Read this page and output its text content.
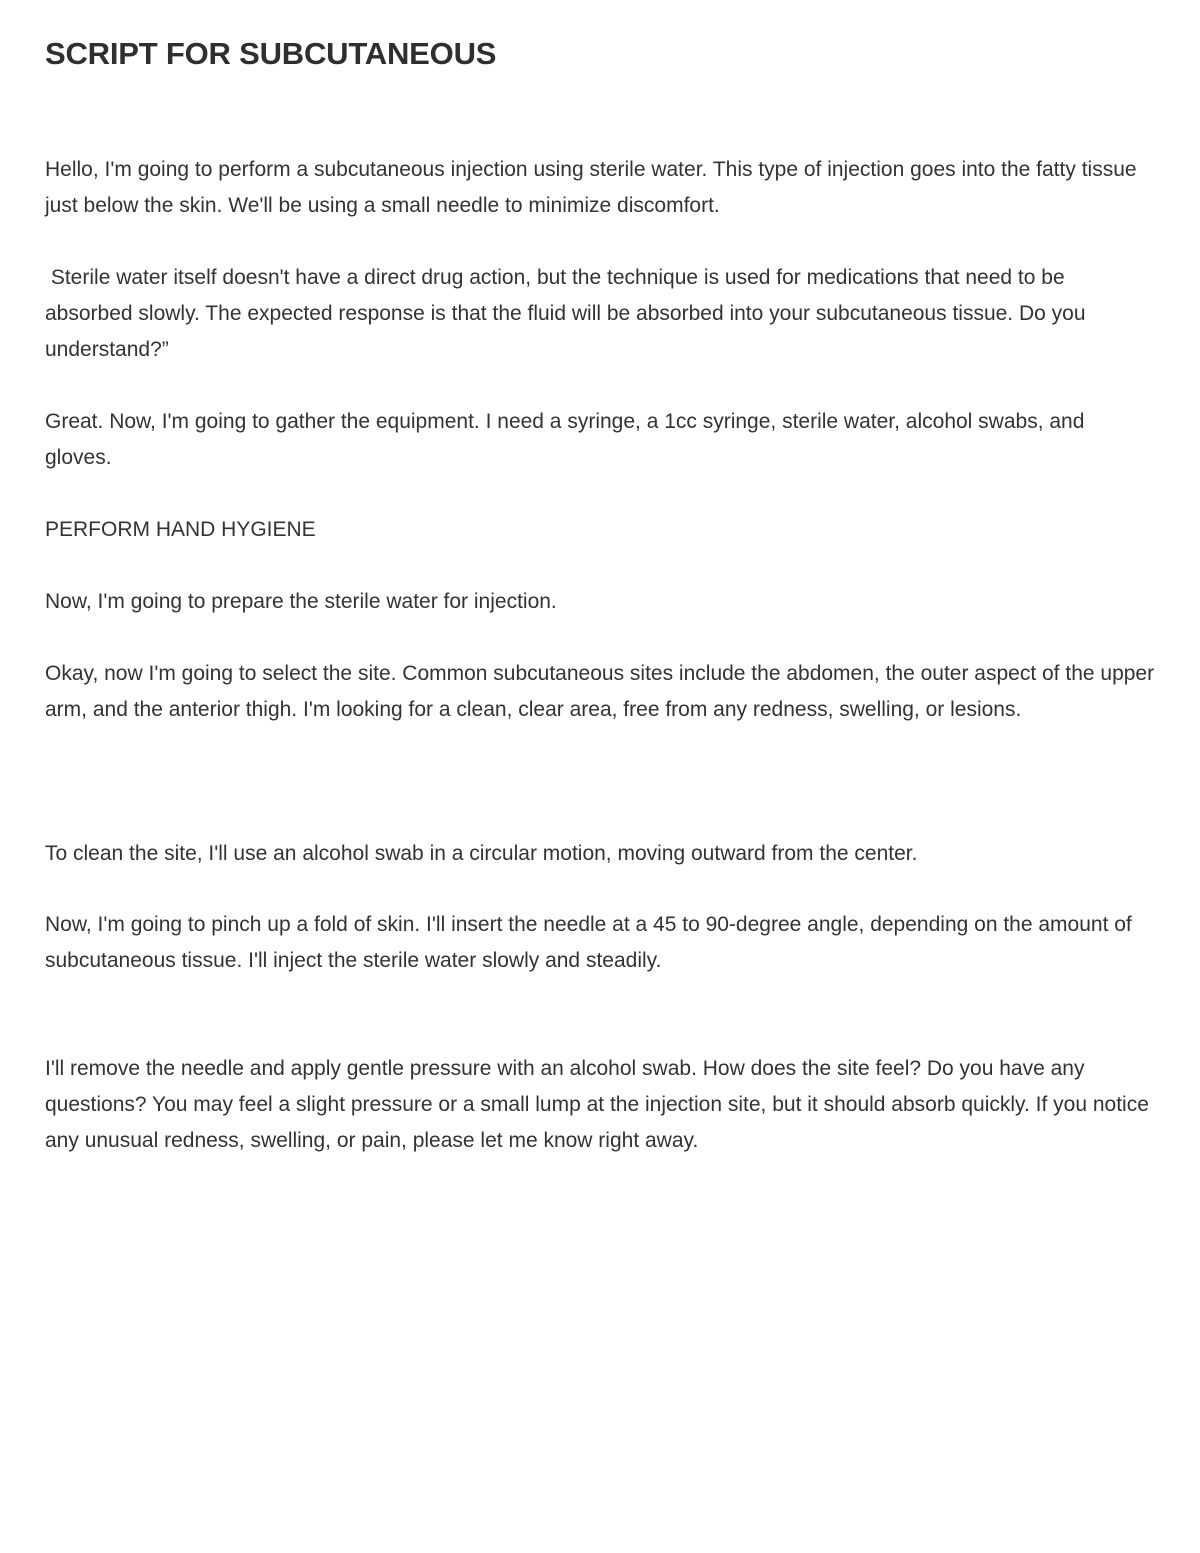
SCRIPT FOR SUBCUTANEOUS

Hello, I'm going to perform a subcutaneous injection using sterile water. This type of injection goes into the fatty tissue just below the skin. We'll be using a small needle to minimize discomfort.

Sterile water itself doesn't have a direct drug action, but the technique is used for medications that need to be absorbed slowly. The expected response is that the fluid will be absorbed into your subcutaneous tissue. Do you understand?”

Great. Now, I'm going to gather the equipment. I need a syringe, a 1cc syringe, sterile water, alcohol swabs, and gloves.

PERFORM HAND HYGIENE

Now, I'm going to prepare the sterile water for injection.

Okay, now I'm going to select the site. Common subcutaneous sites include the abdomen, the outer aspect of the upper arm, and the anterior thigh. I'm looking for a clean, clear area, free from any redness, swelling, or lesions.

To clean the site, I'll use an alcohol swab in a circular motion, moving outward from the center.

Now, I'm going to pinch up a fold of skin. I'll insert the needle at a 45 to 90-degree angle, depending on the amount of subcutaneous tissue. I'll inject the sterile water slowly and steadily.

I'll remove the needle and apply gentle pressure with an alcohol swab. How does the site feel? Do you have any questions? You may feel a slight pressure or a small lump at the injection site, but it should absorb quickly. If you notice any unusual redness, swelling, or pain, please let me know right away.
